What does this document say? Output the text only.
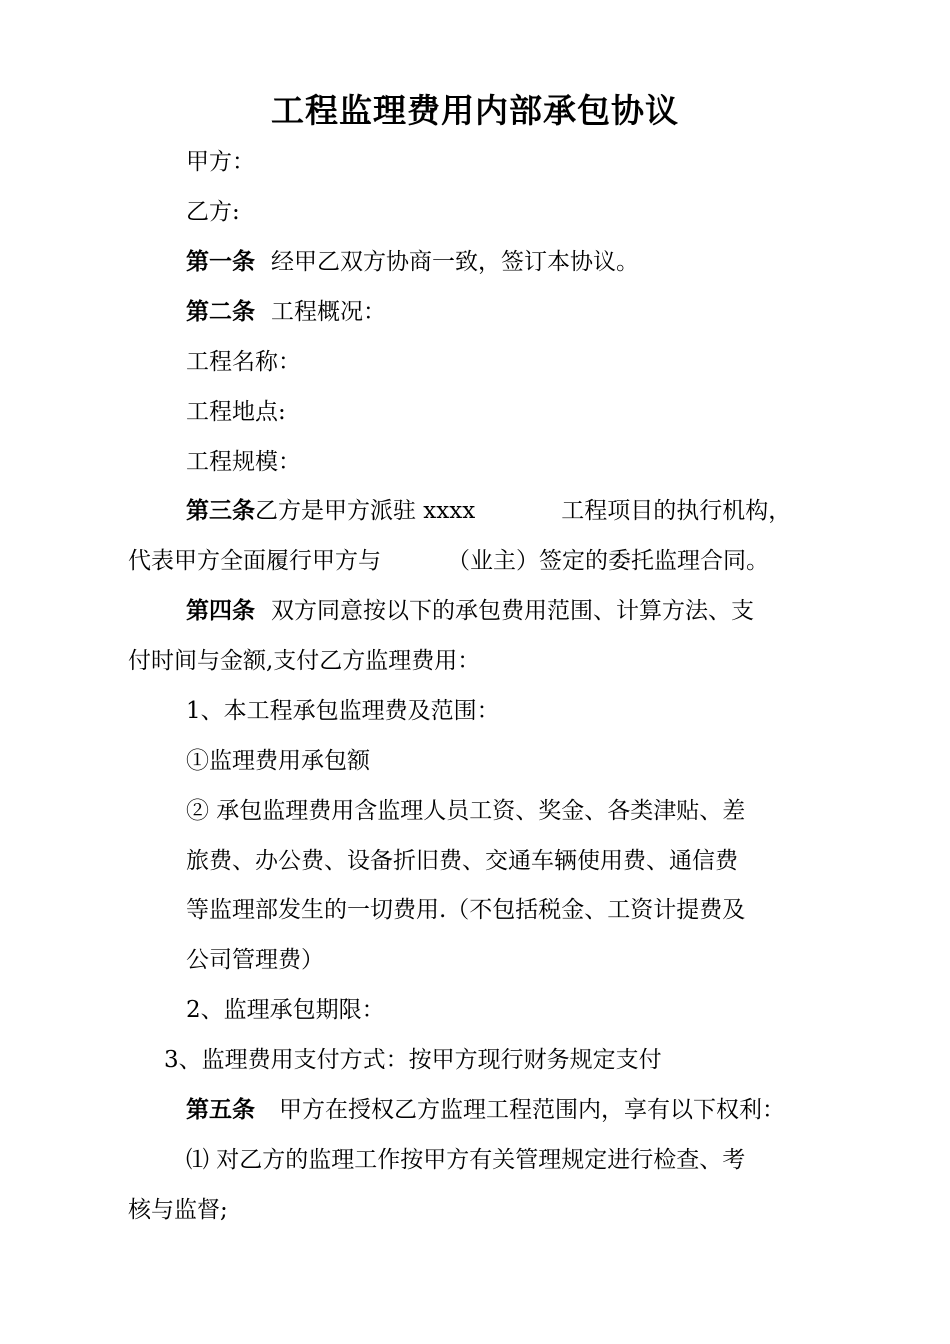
工程监理费用内部承包协议
甲方：
乙方:
第一条 经甲乙双方协商一致，签订本协议。
第二条 工程概况：
工程名称：
工程地点:
工程规模：
第三条乙方是甲方派驻 xxxx	工程项目的执行机构，
代表甲方全面履行甲方与	（业主）签定的委托监理合同。
第四条 双方同意按以下的承包费用范围、计算方法、支
付时间与金额,支付乙方监理费用：
1、本工程承包监理费及范围：
①监理费用承包额
② 承包监理费用含监理人员工资、奖金、各类津贴、差
旅费、办公费、设备折旧费、交通车辆使用费、通信费
等监理部发生的一切费用.（不包括税金、工资计提费及
公司管理费）
2、监理承包期限：
3、监理费用支付方式：按甲方现行财务规定支付
第五条 甲方在授权乙方监理工程范围内，享有以下权利：
⑴ 对乙方的监理工作按甲方有关管理规定进行检查、考
核与监督;
